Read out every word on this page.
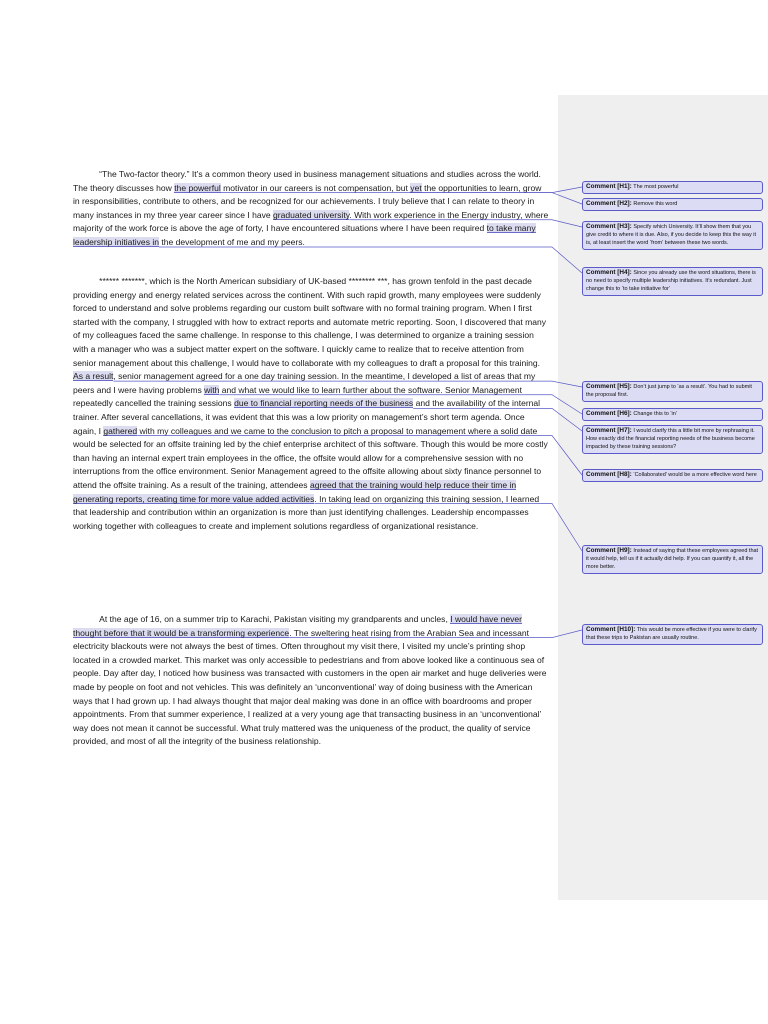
“The Two-factor theory.” It’s a common theory used in business management situations and studies across the world. The theory discusses how the powerful motivator in our careers is not compensation, but yet the opportunities to learn, grow in responsibilities, contribute to others, and be recognized for our achievements. I truly believe that I can relate to theory in many instances in my three year career since I have graduated university. With work experience in the Energy industry, where majority of the work force is above the age of forty, I have encountered situations where I have been required to take many leadership initiatives in the development of me and my peers.

****** *******, which is the North American subsidiary of UK-based ******** ***, has grown tenfold in the past decade providing energy and energy related services across the continent. With such rapid growth, many employees were suddenly forced to understand and solve problems regarding our custom built software with no formal training program. When I first started with the company, I struggled with how to extract reports and automate metric reporting. Soon, I discovered that many of my colleagues faced the same challenge. In response to this challenge, I was determined to organize a training session with a manager who was a subject matter expert on the software. I quickly came to realize that to receive attention from senior management about this challenge, I would have to collaborate with my colleagues to draft a proposal for this training. As a result, senior management agreed for a one day training session. In the meantime, I developed a list of areas that my peers and I were having problems with and what we would like to learn further about the software. Senior Management repeatedly cancelled the training sessions due to financial reporting needs of the business and the availability of the internal trainer. After several cancellations, it was evident that this was a low priority on management’s short term agenda. Once again, I gathered with my colleagues and we came to the conclusion to pitch a proposal to management where a solid date would be selected for an offsite training led by the chief enterprise architect of this software. Though this would be more costly than having an internal expert train employees in the office, the offsite would allow for a comprehensive session with no interruptions from the office environment. Senior Management agreed to the offsite allowing about sixty finance personnel to attend the offsite training. As a result of the training, attendees agreed that the training would help reduce their time in generating reports, creating time for more value added activities. In taking lead on organizing this training session, I learned that leadership and contribution within an organization is more than just identifying challenges. Leadership encompasses working together with colleagues to create and implement solutions regardless of organizational resistance.

At the age of 16, on a summer trip to Karachi, Pakistan visiting my grandparents and uncles, I would have never thought before that it would be a transforming experience. The sweltering heat rising from the Arabian Sea and incessant electricity blackouts were not always the best of times. Often throughout my visit there, I visited my uncle’s printing shop located in a crowded market. This market was only accessible to pedestrians and from above looked like a continuous sea of people. Day after day, I noticed how business was transacted with customers in the open air market and huge deliveries were made by people on foot and not vehicles. This was definitely an ‘unconventional’ way of doing business with the American ways that I had grown up. I had always thought that major deal making was done in an office with boardrooms and proper appointments. From that summer experience, I realized at a very young age that transacting business in an ‘unconventional’ way does not mean it cannot be successful. What truly mattered was the uniqueness of the product, the quality of service provided, and most of all the integrity of the business relationship.

Comment [H1]: The most powerful
Comment [H2]: Remove this word
Comment [H3]: Specify which University. It’ll show them that you give credit to where it is due. Also, if you decide to keep this the way it is, at least insert the word ‘from’ between these two words.
Comment [H4]: Since you already use the word situations, there is no need to specify multiple leadership initiatives. It’s redundant. Just change this to ‘to take initiative for’
Comment [H5]: Don’t just jump to ‘as a result’. You had to submit the proposal first.
Comment [H6]: Change this to ‘in’
Comment [H7]: I would clarify this a little bit more by rephrasing it. How exactly did the financial reporting needs of the business become impacted by these training sessions?
Comment [H8]: ‘Collaborated’ would be a more effective word here
Comment [H9]: Instead of saying that these employees agreed that it would help, tell us if it actually did help. If you can quantify it, all the more better.
Comment [H10]: This would be more effective if you were to clarify that these trips to Pakistan are usually routine.
